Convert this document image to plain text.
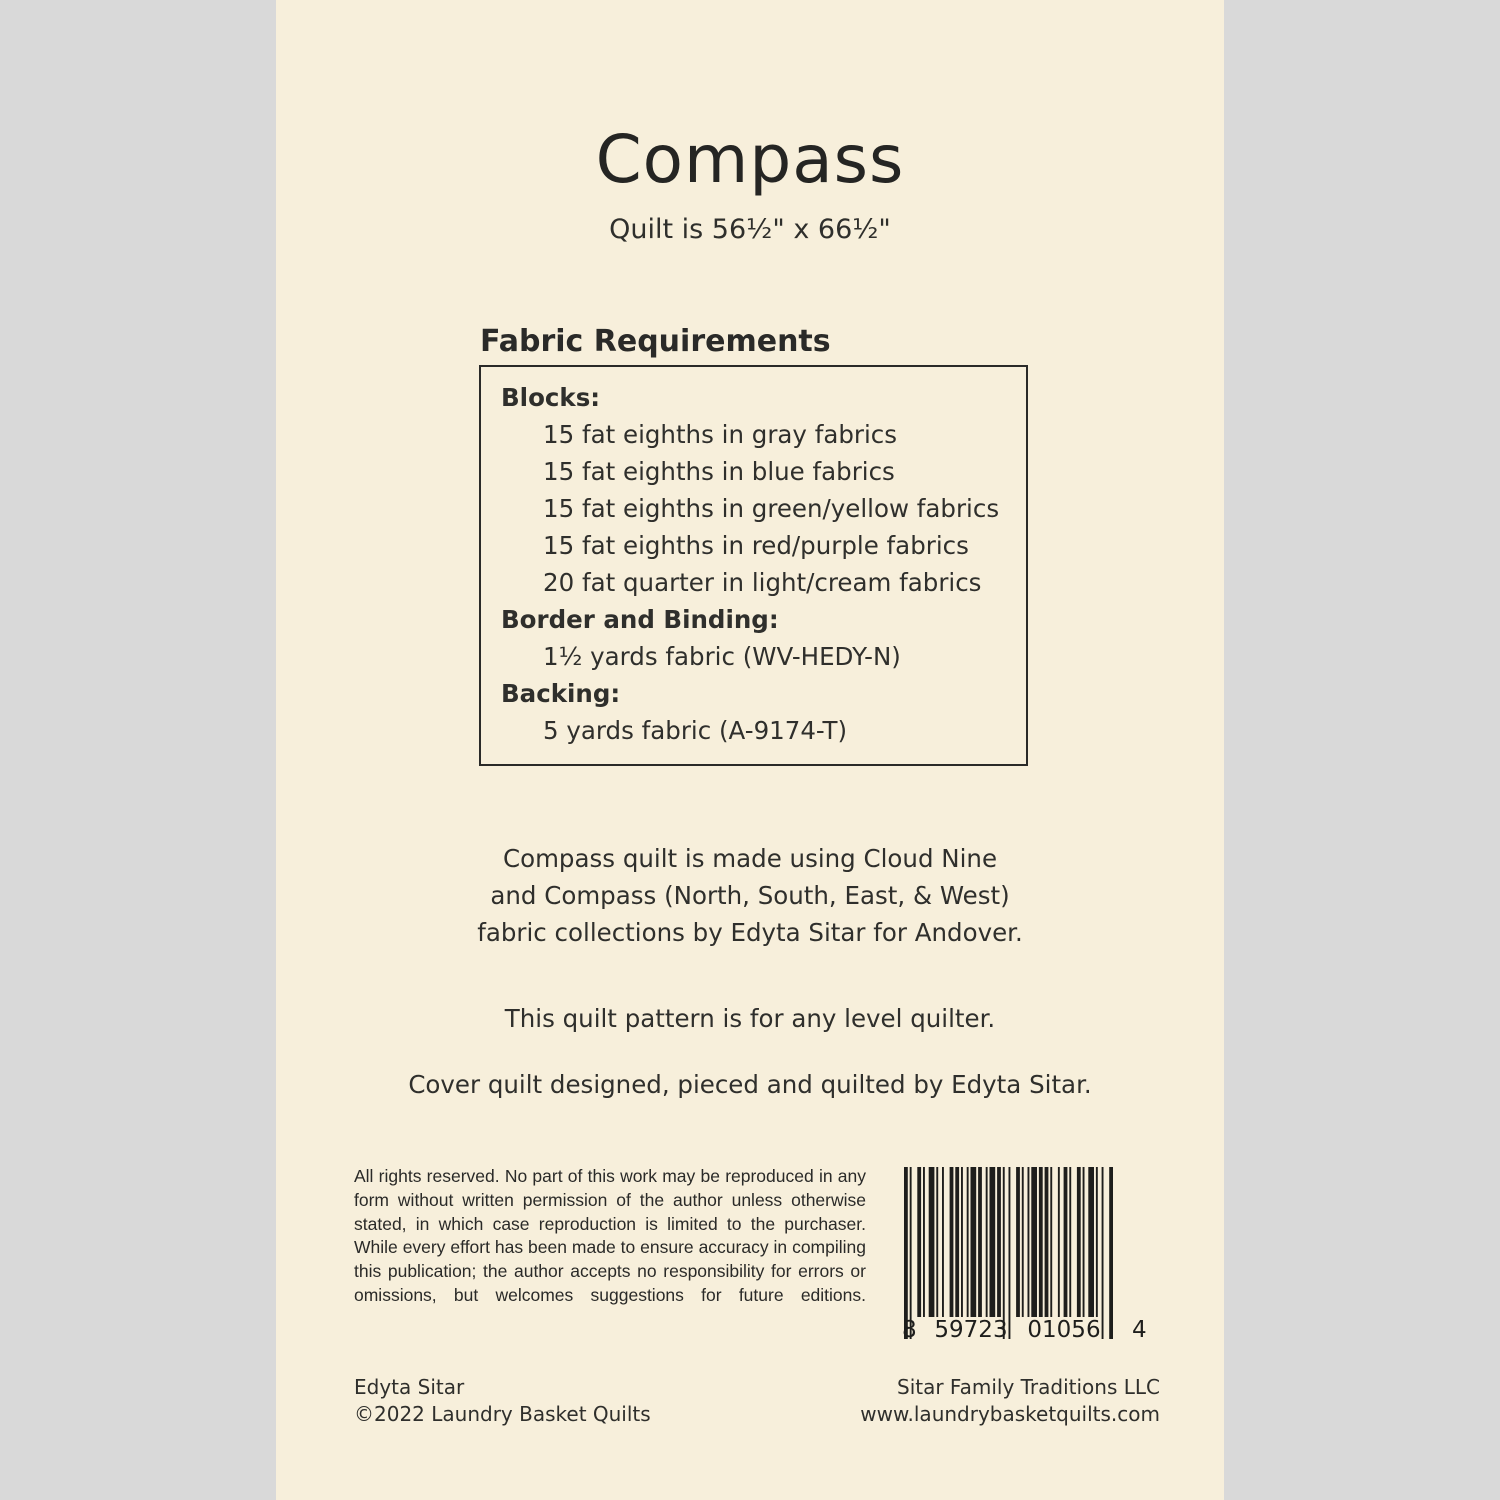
Compass
Quilt is 56½" x 66½"
Fabric Requirements
Blocks:
15 fat eighths in gray fabrics
15 fat eighths in blue fabrics
15 fat eighths in green/yellow fabrics
15 fat eighths in red/purple fabrics
20 fat quarter in light/cream fabrics
Border and Binding:
1½ yards fabric (WV-HEDY-N)
Backing:
5 yards fabric (A-9174-T)
Compass quilt is made using Cloud Nine
and Compass (North, South, East, & West)
fabric collections by Edyta Sitar for Andover.
This quilt pattern is for any level quilter.
Cover quilt designed, pieced and quilted by Edyta Sitar.
All rights reserved. No part of this work may be reproduced in any form without written permission of the author unless otherwise stated, in which case reproduction is limited to the purchaser. While every effort has been made to ensure accuracy in compiling this publication; the author accepts no responsibility for errors or omissions, but welcomes suggestions for future editions.
8 59723 01056 4
Edyta Sitar
©2022 Laundry Basket Quilts
Sitar Family Traditions LLC
www.laundrybasketquilts.com
